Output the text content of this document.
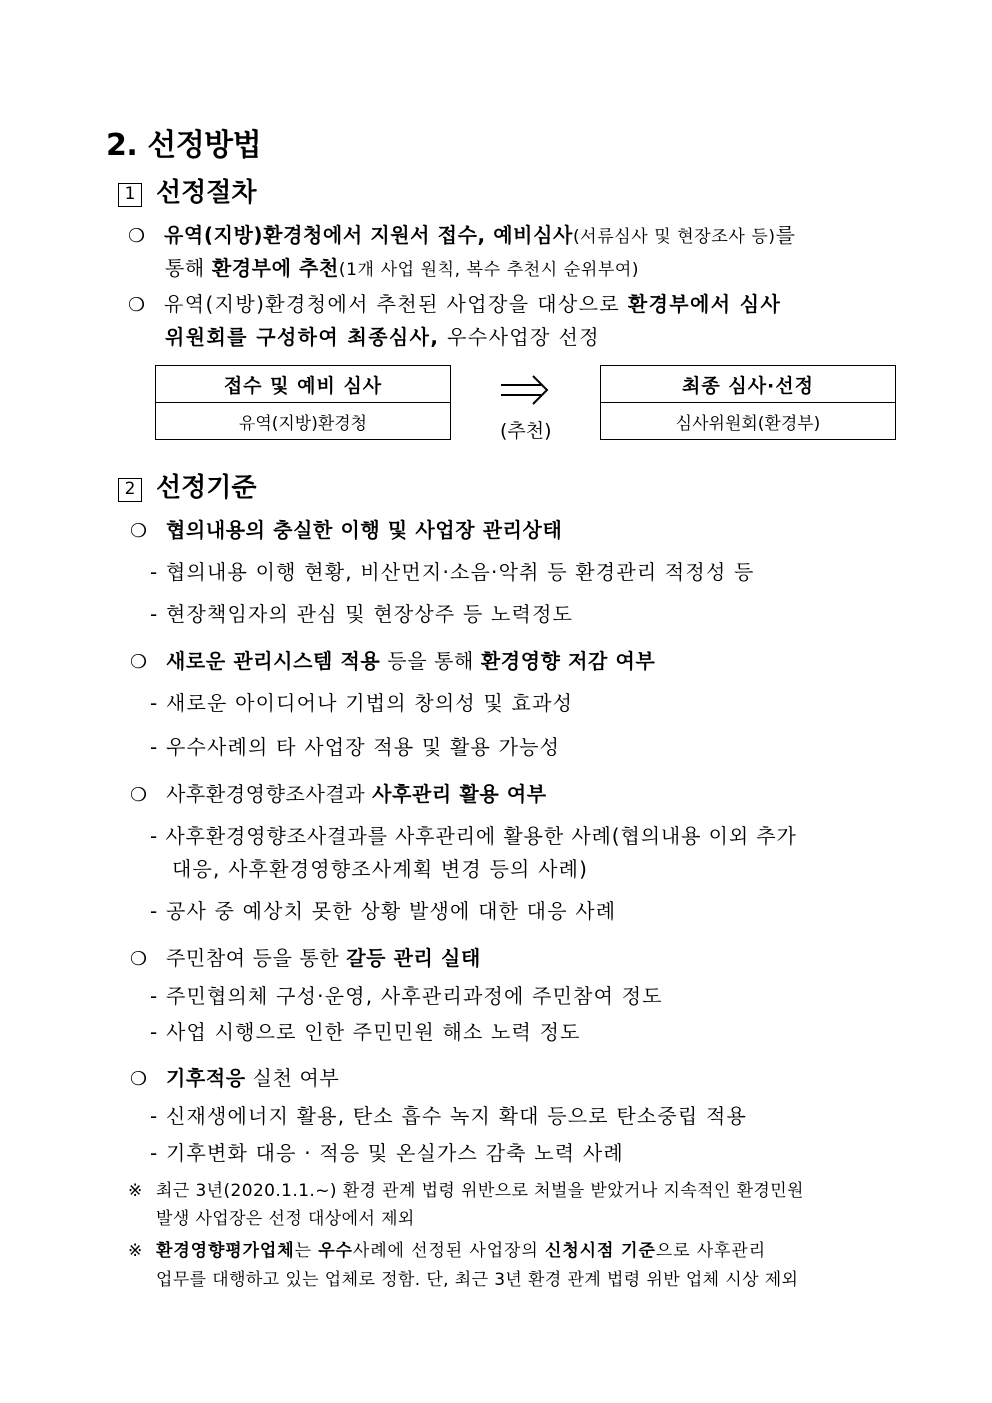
2. 선정방법
1 선정절차
❍ 유역(지방)환경청에서 지원서 접수, 예비심사(서류심사 및 현장조사 등)를
통해 환경부에 추천(1개 사업 원칙, 복수 추천시 순위부여)
❍ 유역(지방)환경청에서 추천된 사업장을 대상으로 환경부에서 심사
위원회를 구성하여 최종심사, 우수사업장 선정
접수 및 예비 심사
유역(지방)환경청	(추천)
최종 심사·선정
심사위원회(환경부)
2 선정기준
❍ 협의내용의 충실한 이행 및 사업장 관리상태
- 협의내용 이행 현황, 비산먼지·소음·악취 등 환경관리 적정성 등
- 현장책임자의 관심 및 현장상주 등 노력정도
❍ 새로운 관리시스템 적용 등을 통해 환경영향 저감 여부
- 새로운 아이디어나 기법의 창의성 및 효과성
- 우수사례의 타 사업장 적용 및 활용 가능성
❍ 사후환경영향조사결과 사후관리 활용 여부
- 사후환경영향조사결과를 사후관리에 활용한 사례(협의내용 이외 추가
대응, 사후환경영향조사계획 변경 등의 사례)
- 공사 중 예상치 못한 상황 발생에 대한 대응 사례
❍ 주민참여 등을 통한 갈등 관리 실태
- 주민협의체 구성·운영, 사후관리과정에 주민참여 정도
- 사업 시행으로 인한 주민민원 해소 노력 정도
❍ 기후적응 실천 여부
- 신재생에너지 활용, 탄소 흡수 녹지 확대 등으로 탄소중립 적용
- 기후변화 대응 · 적응 및 온실가스 감축 노력 사례
※ 최근 3년(2020.1.1.~) 환경 관계 법령 위반으로 처벌을 받았거나 지속적인 환경민원
발생 사업장은 선정 대상에서 제외
※ 환경영향평가업체는 우수사례에 선정된 사업장의 신청시점 기준으로 사후관리
업무를 대행하고 있는 업체로 정함. 단, 최근 3년 환경 관계 법령 위반 업체 시상 제외
